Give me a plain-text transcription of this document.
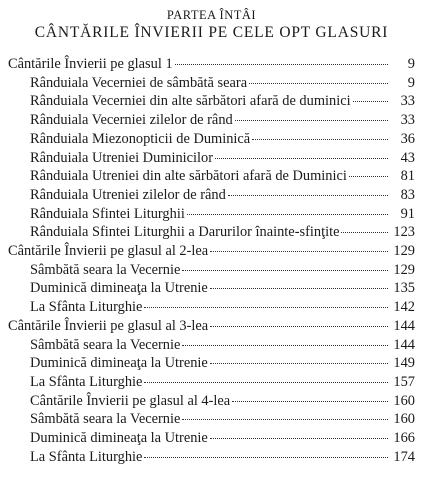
PARTEA ÎNTÂI
CÂNTĂRILE ÎNVIERII PE CELE OPT GLASURI
Cântările Învierii pe glasul 1	9
Rânduiala Vecerniei de sâmbătă seara	9
Rânduiala Vecerniei din alte sărbători afară de duminici	33
Rânduiala Vecerniei zilelor de rând	33
Rânduiala Miezonopticii de Duminică	36
Rânduiala Utreniei Duminicilor	43
Rânduiala Utreniei din alte sărbători afară de Duminici	81
Rânduiala Utreniei zilelor de rând	83
Rânduiala Sfintei Liturghii	91
Rânduiala Sfintei Liturghii a Darurilor înainte-sfinţite	123
Cântările Învierii pe glasul al 2-lea	129
Sâmbătă seara la Vecernie	129
Duminică dimineaţa la Utrenie	135
La Sfânta Liturghie	142
Cântările Învierii pe glasul al 3-lea	144
Sâmbătă seara la Vecernie	144
Duminică dimineaţa la Utrenie	149
La Sfânta Liturghie	157
Cântările Învierii pe glasul al 4-lea	160
Sâmbătă seara la Vecernie	160
Duminică dimineaţa la Utrenie	166
La Sfânta Liturghie	174
